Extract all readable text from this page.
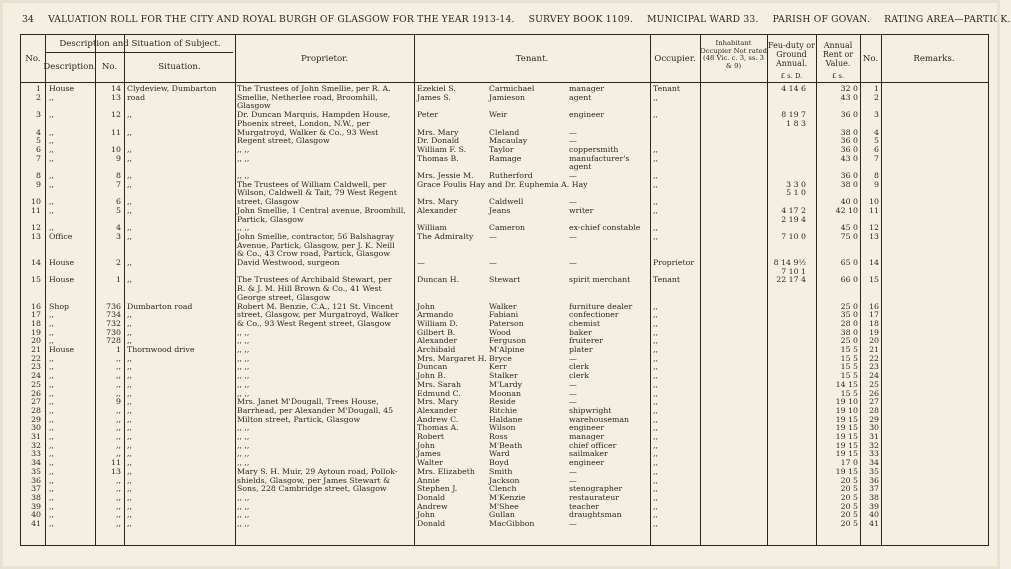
34 VALUATION ROLL FOR THE CITY AND ROYAL BURGH OF GLASGOW FOR THE YEAR 1913-14. SURVEY BOOK 1109. MUNICIPAL WARD 33. PARISH OF GOVAN. RATING AREA—PARTICK.
No.
Description and Situation of Subject.
Description. No.	Situation.
Proprietor.	Tenant.	Occupier.
Inhabitant Occupier Not rated (48 Vic. c. 3, ss. 3 & 9)
Feu-duty or Ground Annual.
£ s. D.
Annual Rent or Value.
£ s.
No.	Remarks.
1 House	14 Clydeview, Dumbarton	The Trustees of John Smellie, per R. A.	Ezekiel S.	Carmichael	manager	Tenant	4 14 6	32 0	1
2 ,,	13 road	Smellie, Netherlee road, Broomhill,	James S.	Jamieson	agent	,,	43 0	2
Glasgow
3 ,,	12 ,,	Dr. Duncan Marquis, Hampden House,	Peter	Weir	engineer	,,	8 19 7	36 0	3
Phoenix street, London, N.W., per	1 8 3
4 ,,	11 ,,	Murgatroyd, Walker & Co., 93 West	Mrs. Mary	Cleland	—	38 0	4
5 ,,	Regent street, Glasgow	Dr. Donald	Macaulay	—	36 0	5
6 ,,	10 ,,	,, ,,	William F. S.	Taylor	coppersmith	,,	36 0	6
7 ,,	9 ,,	,, ,,	Thomas B.	Ramage	manufacturer's	,,	43 0	7
agent
8 ,,	8 ,,	,, ,,	Mrs. Jessie M.	Rutherford	—	,,	36 0	8
9 ,,	7 ,,	The Trustees of William Caldwell, per	Grace Foulis Hay and Dr. Euphemia A. Hay	,,	3 3 0	38 0	9
Wilson, Caldwell & Tait, 79 West Regent	5 1 0
10 ,,	6 ,,	street, Glasgow	Mrs. Mary	Caldwell	—	,,	40 0	10
11 ,,	5 ,,	John Smellie, 1 Central avenue, Broomhill,	Alexander	Jeans	writer	,,	4 17 2	42 10	11
Partick, Glasgow	2 19 4
12 ,,	4 ,,	,, ,,	William	Cameron	ex-chief constable	,,	45 0	12
13 Office	3 ,,	John Smellie, contractor, 56 Balshagray	The Admiralty	—	—	,,	7 10 0	75 0	13
Avenue, Partick, Glasgow, per J. K. Neill
& Co., 43 Crow road, Partick, Glasgow
14 House	2 ,,	David Westwood, surgeon	—	—	—	Proprietor	8 14 9½	65 0	14
7 10 1
15 House	1 ,,	The Trustees of Archibald Stewart, per	Duncan H.	Stewart	spirit merchant	Tenant	22 17 4	66 0	15
R. & J. M. Hill Brown & Co., 41 West
George street, Glasgow
16 Shop	736 Dumbarton road	Robert M. Benzie, C.A., 121 St. Vincent	John	Walker	furniture dealer	,,	25 0	16
17 ,,	734 ,,	street, Glasgow, per Murgatroyd, Walker	Armando	Fabiani	confectioner	,,	35 0	17
18 ,,	732 ,,	& Co., 93 West Regent street, Glasgow	William D.	Paterson	chemist	,,	28 0	18
19 ,,	730 ,,	,, ,,	Gilbert B.	Wood	baker	,,	38 0	19
20 ,,	728 ,,	,, ,,	Alexander	Ferguson	fruiterer	,,	25 0	20
21 House	1 Thornwood drive	,, ,,	Archibald	M'Alpine	plater	,,	15 5	21
22 ,,	,, ,,	,, ,,	Mrs. Margaret H. Bryce	—	,,	15 5	22
23 ,,	,, ,,	,, ,,	Duncan	Kerr	clerk	,,	15 5	23
24 ,,	,, ,,	,, ,,	John B.	Stalker	clerk	,,	15 5	24
25 ,,	,, ,,	,, ,,	Mrs. Sarah	M'Lardy	—	,,	14 15	25
26 ,,	,, ,,	,, ,,	Edmund C.	Moonan	—	,,	15 5	26
27 ,,	9 ,,	Mrs. Janet M'Dougall, Trees House,	Mrs. Mary	Reside	—	,,	19 10	27
28 ,,	,, ,,	Barrhead, per Alexander M'Dougall, 45	Alexander	Ritchie	shipwright	,,	19 10	28
29 ,,	,, ,,	Milton street, Partick, Glasgow	Andrew C.	Haldane	warehouseman	,,	19 15	29
30 ,,	,, ,,	,, ,,	Thomas A.	Wilson	engineer	,,	19 15	30
31 ,,	,, ,,	,, ,,	Robert	Ross	manager	,,	19 15	31
32 ,,	,, ,,	,, ,,	John	M'Beath	chief officer	,,	19 15	32
33 ,,	,, ,,	,, ,,	James	Ward	sailmaker	,,	19 15	33
34 ,,	11 ,,	,, ,,	Walter	Boyd	engineer	,,	17 0	34
35 ,,	13 ,,	Mary S. H. Muir, 29 Aytoun road, Pollok-	Mrs. Elizabeth	Smith	—	,,	19 15	35
36 ,,	,, ,,	shields, Glasgow, per James Stewart &	Annie	Jackson	—	,,	20 5	36
37 ,,	,, ,,	Sons, 228 Cambridge street, Glasgow	Stephen J.	Clench	stenographer	,,	20 5	37
38 ,,	,, ,,	,, ,,	Donald	M'Kenzie	restaurateur	,,	20 5	38
39 ,,	,, ,,	,, ,,	Andrew	M'Shee	teacher	,,	20 5	39
40 ,,	,, ,,	,, ,,	John	Gullan	draughtsman	,,	20 5	40
41 ,,	,, ,,	,, ,,	Donald	MacGibbon	—	,,	20 5	41
